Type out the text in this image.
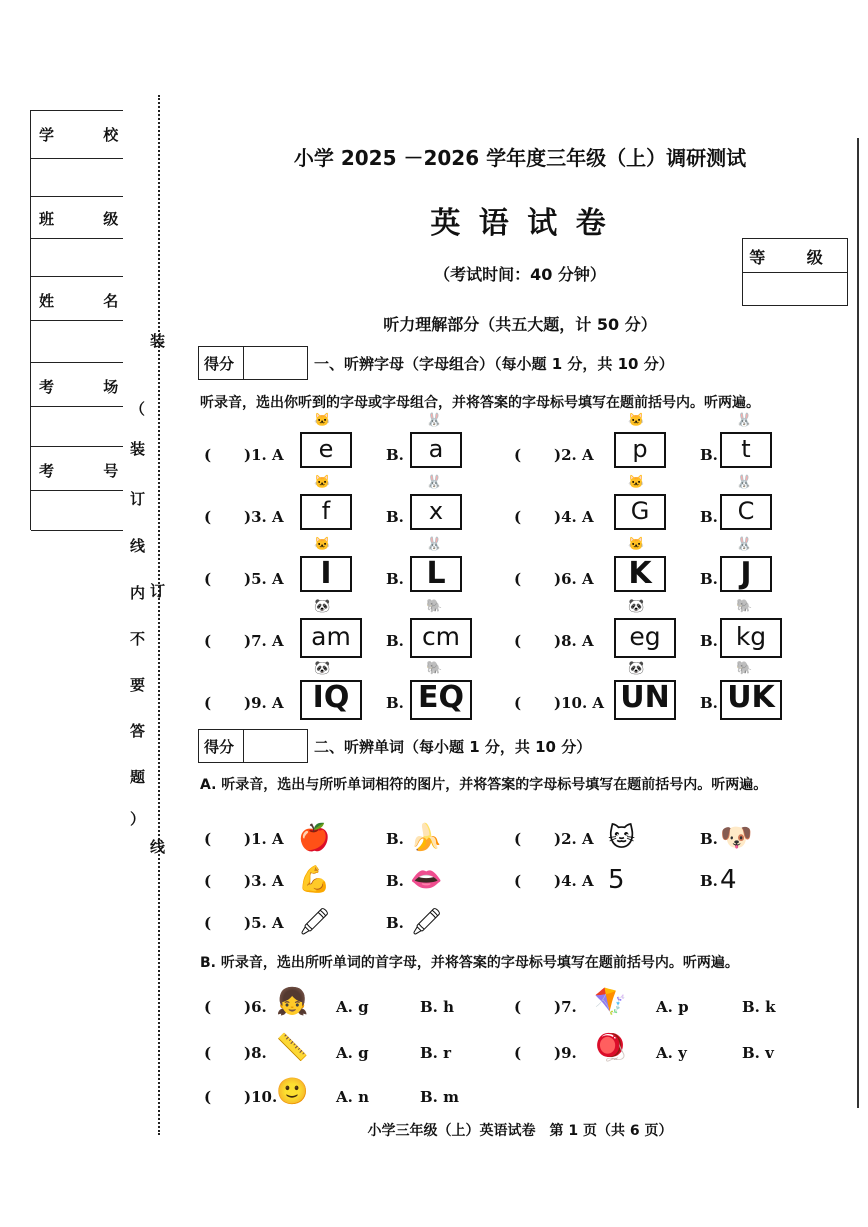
学 校
班 级
姓 名
考 场
考 号
装
（
装
订
线
内
不
要
答
题
）
订
线
小学 2025 －2026 学年度三年级（上）调研测试
英 语 试 卷
（考试时间：40 分钟）
听力理解部分（共五大题，计 50 分）
等 级
得分	一、听辨字母（字母组合）（每小题 1 分，共 10 分）
听录音，选出你听到的字母或字母组合，并将答案的字母标号填写在题前括号内。听两遍。
( )1. A	e
🐱
B.	a
🐰
( )2. A	p
🐱
B. t
🐰
( )3. A	f
🐱
B.	x
🐰
( )4. A	G
🐱
B. C
🐰
( )5. A	I
🐱
B. L
🐰
( )6. A	K
🐱
B. J
🐰
( )7. A	am
🐼
B. cm
🐘
( )8. A	eg
🐼
B. kg
🐘
( )9. A IQ
🐼
B. EQ
🐘
( )10. A UN
🐼
B. UK
🐘
得分	二、听辨单词（每小题 1 分，共 10 分）
A. 听录音，选出与所听单词相符的图片，并将答案的字母标号填写在题前括号内。听两遍。
( )1. A 🍎	B. 🍌	( )2. A 🐱	B. 🐶
( )3. A 💪	B. 👄	( )4. A 5	B. 4
( )5. A 🖍	B. 🖍
B. 听录音，选出所听单词的首字母，并将答案的字母标号填写在题前括号内。听两遍。
( )6. 👧 A. g	B. h	( )7. 🪁 A. p	B. k
( )8. 📏 A. g	B. r	( )9. 🪀 A. y	B. v
( )10.
🙂 A. n	B. m
小学三年级（上）英语试卷　第 1 页（共 6 页）
